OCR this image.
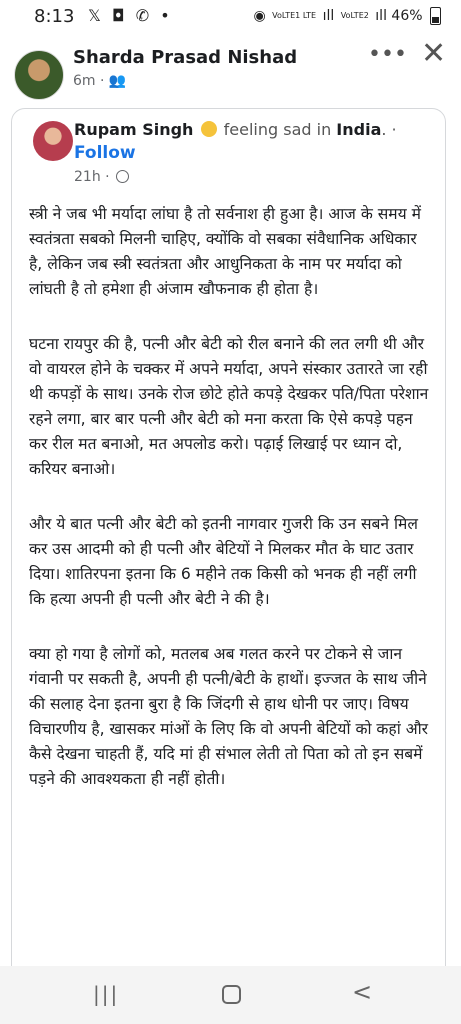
8:13 𝕏 ◘ ✆ •	◉ VoLTE1 LTE ıll VoLTE2 ıll 46%
Sharda Prasad Nishad
6m · 👥
••• ✕
Rupam Singh feeling sad in India. ·
Follow
21h ·

स्त्री ने जब भी मर्यादा लांघा है तो सर्वनाश ही हुआ है। आज के समय में स्वतंत्रता सबको मिलनी चाहिए, क्योंकि वो सबका संवैधानिक अधिकार है, लेकिन जब स्त्री स्वतंत्रता और आधुनिकता के नाम पर मर्यादा को लांघती है तो हमेशा ही अंजाम खौफनाक ही होता है।

घटना रायपुर की है, पत्नी और बेटी को रील बनाने की लत लगी थी और वो वायरल होने के चक्कर में अपने मर्यादा, अपने संस्कार उतारते जा रही थी कपड़ों के साथ। उनके रोज छोटे होते कपड़े देखकर पति/पिता परेशान रहने लगा, बार बार पत्नी और बेटी को मना करता कि ऐसे कपड़े पहन कर रील मत बनाओ, मत अपलोड करो। पढ़ाई लिखाई पर ध्यान दो, करियर बनाओ।

और ये बात पत्नी और बेटी को इतनी नागवार गुजरी कि उन सबने मिल कर उस आदमी को ही पत्नी और बेटियों ने मिलकर मौत के घाट उतार दिया। शातिरपना इतना कि 6 महीने तक किसी को भनक ही नहीं लगी कि हत्या अपनी ही पत्नी और बेटी ने की है।

क्या हो गया है लोगों को, मतलब अब गलत करने पर टोकने से जान गंवानी पर सकती है, अपनी ही पत्नी/बेटी के हाथों। इज्जत के साथ जीने की सलाह देना इतना बुरा है कि जिंदगी से हाथ धोनी पर जाए। विषय विचारणीय है, खासकर मांओं के लिए कि वो अपनी बेटियों को कहां और कैसे देखना चाहती हैं, यदि मां ही संभाल लेती तो पिता को तो इन सबमें पड़ने की आवश्यकता ही नहीं होती।

|||	<
